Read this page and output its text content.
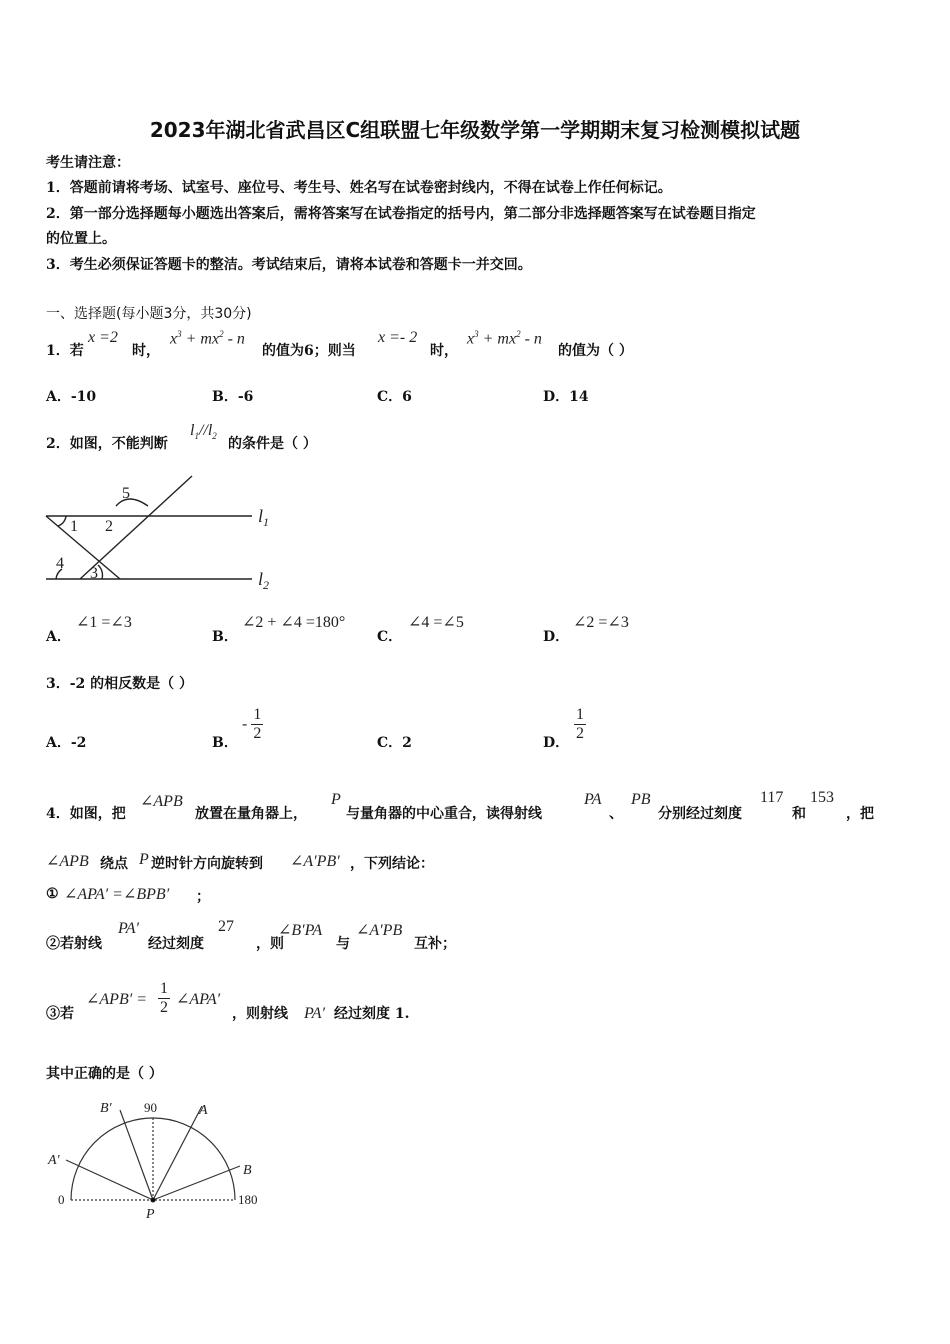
2023年湖北省武昌区C组联盟七年级数学第一学期期末复习检测模拟试题
考生请注意：
1．答题前请将考场、试室号、座位号、考生号、姓名写在试卷密封线内，不得在试卷上作任何标记。
2．第一部分选择题每小题选出答案后，需将答案写在试卷指定的括号内，第二部分非选择题答案写在试卷题目指定
的位置上。
3．考生必须保证答题卡的整洁。考试结束后，请将本试卷和答题卡一并交回。
一、选择题(每小题3分，共30分)
1．若
x =2
时，
$x^3 + mx^2 - n$
的值为6；则当
x =- 2
时，
$x^3 + mx^2 - n$
的值为（ ）
A．-10	B．-6	C．6	D．14
2．如图，不能判断
$l_1//l_2$ 的条件是（ ）
1 2
3
4
5
$l_1$
$l_2$
A．
∠1 =∠3
B．
∠2 + ∠4 =180°
C．
∠4 =∠5
D．
∠2 =∠3
3．-2 的相反数是（ ）
A．-2	B．
- $\frac{1}{2}$	C．2	D． $\frac{1}{2}$
4．如图，把
∠APB
放置在量角器上，
P
与量角器的中心重合，读得射线
PA
、
PB
分别经过刻度
117
和
153
，把
∠APB 绕点 P 逆时针方向旋转到 ∠A′PB′ ，下列结论：
① ∠APA′ =∠BPB′ ；
②若射线
PA′
经过刻度
27
，则
∠B′PA
与
∠A′PB
互补；
③若
∠APB′ = $\frac{1}{2}$ ∠APA′
，则射线 PA′ 经过刻度 1.
其中正确的是（ ）
90
0	180
A
B
A′
B′
P
